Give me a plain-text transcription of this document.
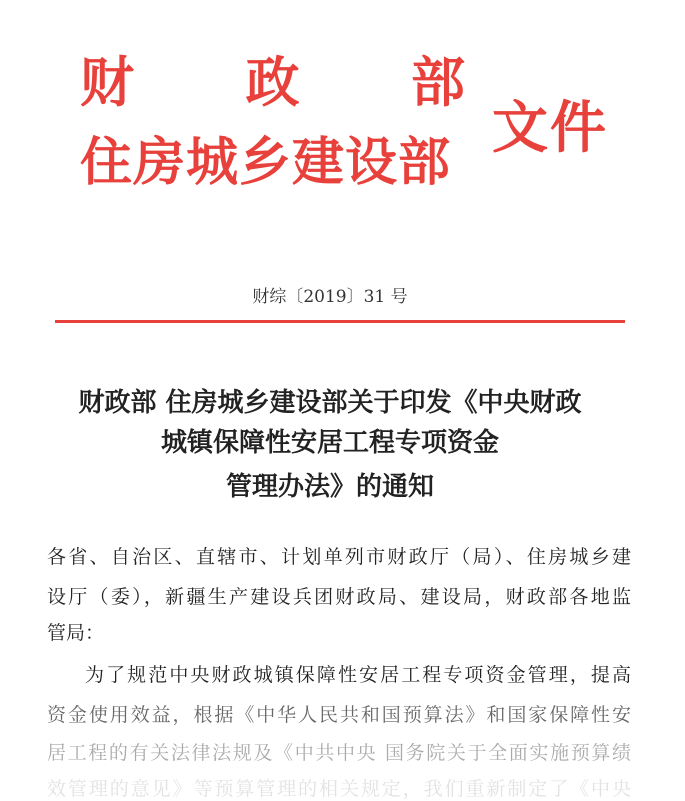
财 政 部
住房城乡建设部
文件
财综〔2019〕31 号
财政部 住房城乡建设部关于印发《中央财政
城镇保障性安居工程专项资金
管理办法》的通知
各省、自治区、直辖市、计划单列市财政厅（局）、住房城乡建
设厅（委），新疆生产建设兵团财政局、建设局，财政部各地监
管局：
为了规范中央财政城镇保障性安居工程专项资金管理，提高
资金使用效益，根据《中华人民共和国预算法》和国家保障性安
居工程的有关法律法规及《中共中央 国务院关于全面实施预算绩
效管理的意见》等预算管理的相关规定，我们重新制定了《中央
